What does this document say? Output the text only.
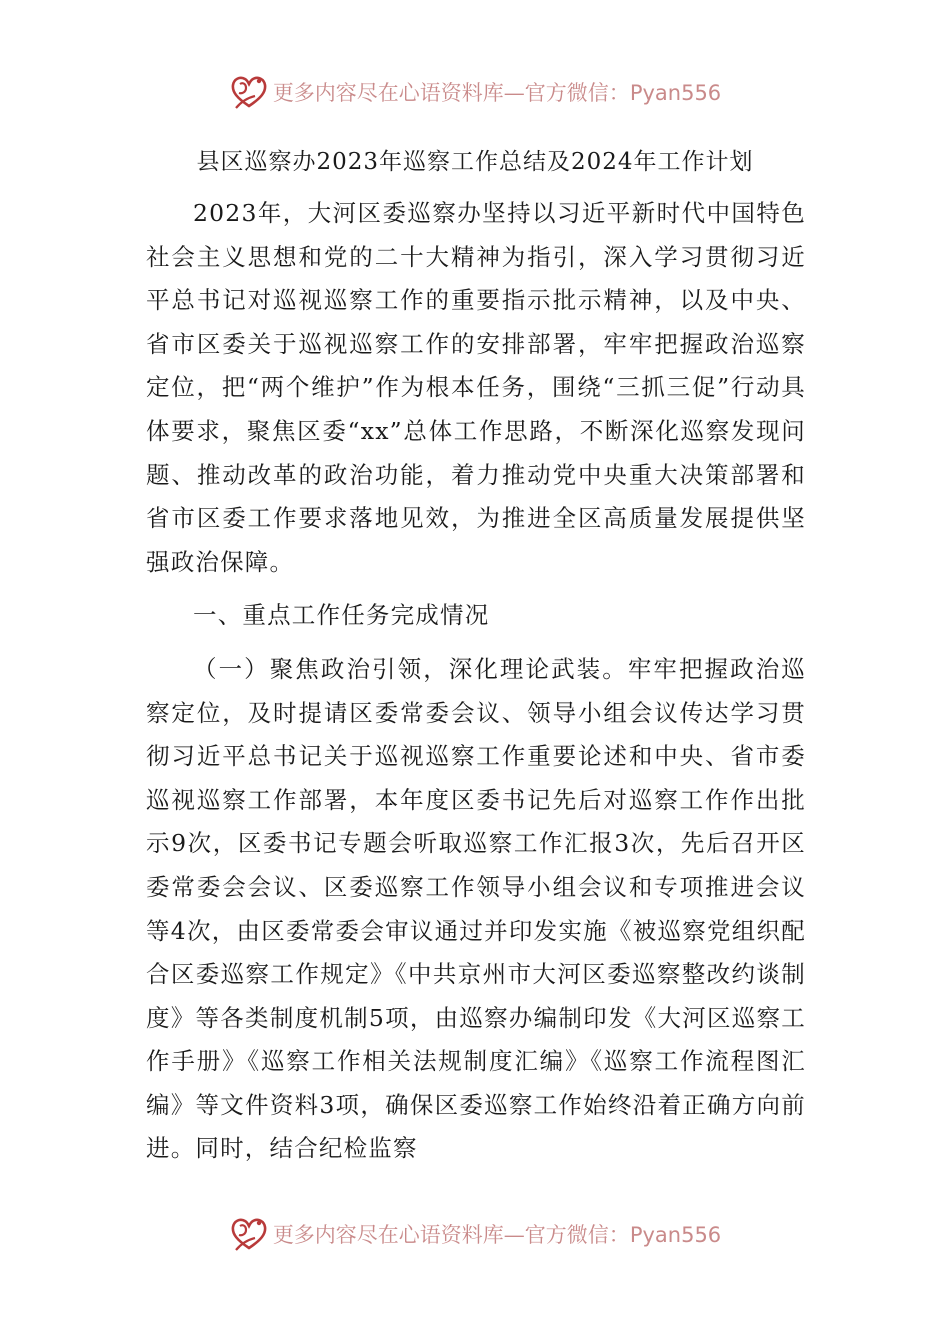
更多内容尽在心语资料库—官方微信：Pyan556
县区巡察办2023年巡察工作总结及2024年工作计划

2023年，大河区委巡察办坚持以习近平新时代中国特色社会主义思想和党的二十大精神为指引，深入学习贯彻习近平总书记对巡视巡察工作的重要指示批示精神，以及中央、省市区委关于巡视巡察工作的安排部署，牢牢把握政治巡察定位，把“两个维护”作为根本任务，围绕“三抓三促”行动具体要求，聚焦区委“xx”总体工作思路，不断深化巡察发现问题、推动改革的政治功能，着力推动党中央重大决策部署和省市区委工作要求落地见效，为推进全区高质量发展提供坚强政治保障。

一、重点工作任务完成情况

（一）聚焦政治引领，深化理论武装。牢牢把握政治巡察定位，及时提请区委常委会议、领导小组会议传达学习贯彻习近平总书记关于巡视巡察工作重要论述和中央、省市委巡视巡察工作部署，本年度区委书记先后对巡察工作作出批示9次，区委书记专题会听取巡察工作汇报3次，先后召开区委常委会会议、区委巡察工作领导小组会议和专项推进会议等4次，由区委常委会审议通过并印发实施《被巡察党组织配合区委巡察工作规定》《中共京州市大河区委巡察整改约谈制度》等各类制度机制5项，由巡察办编制印发《大河区巡察工作手册》《巡察工作相关法规制度汇编》《巡察工作流程图汇编》等文件资料3项，确保区委巡察工作始终沿着正确方向前进。同时，结合纪检监察

更多内容尽在心语资料库—官方微信：Pyan556
